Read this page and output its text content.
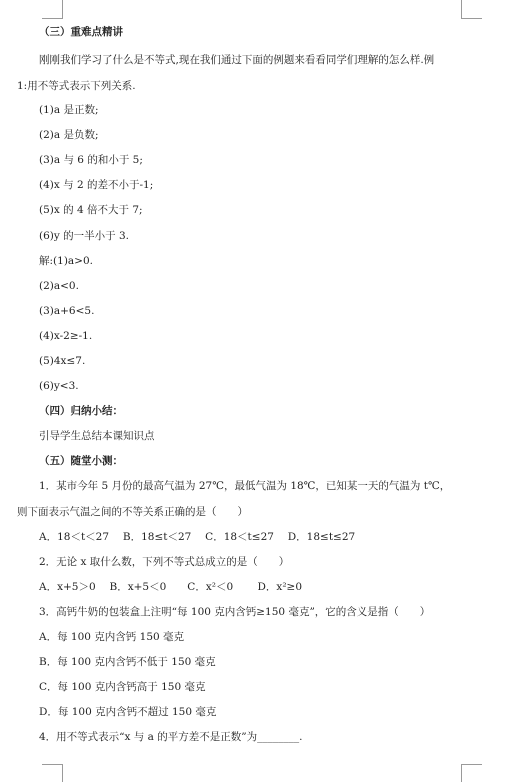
（三）重难点精讲
刚刚我们学习了什么是不等式,现在我们通过下面的例题来看看同学们理解的怎么样.例
1:用不等式表示下列关系.
(1)a 是正数;
(2)a 是负数;
(3)a 与 6 的和小于 5;
(4)x 与 2 的差不小于-1;
(5)x 的 4 倍不大于 7;
(6)y 的一半小于 3.
解:(1)a>0.
(2)a<0.
(3)a+6<5.
(4)x-2≥-1.
(5)4x≤7.
(6)y<3.
（四）归纳小结：
引导学生总结本课知识点
（五）随堂小测：
1．某市今年 5 月份的最高气温为 27℃，最低气温为 18℃，已知某一天的气温为 t℃，
则下面表示气温之间的不等关系正确的是（　　）
A．18＜t＜27　 B．18≤t＜27　 C．18＜t≤27　 D．18≤t≤27
2．无论 x 取什么数，下列不等式总成立的是（　　）
A．x+5＞0　 B．x+5＜0　　C．x²＜0　　 D．x²≥0
3．高钙牛奶的包装盒上注明“每 100 克内含钙≥150 毫克”，它的含义是指（　　）
A．每 100 克内含钙 150 毫克
B．每 100 克内含钙不低于 150 毫克
C．每 100 克内含钙高于 150 毫克
D．每 100 克内含钙不超过 150 毫克
4．用不等式表示“x 与 a 的平方差不是正数”为________.
